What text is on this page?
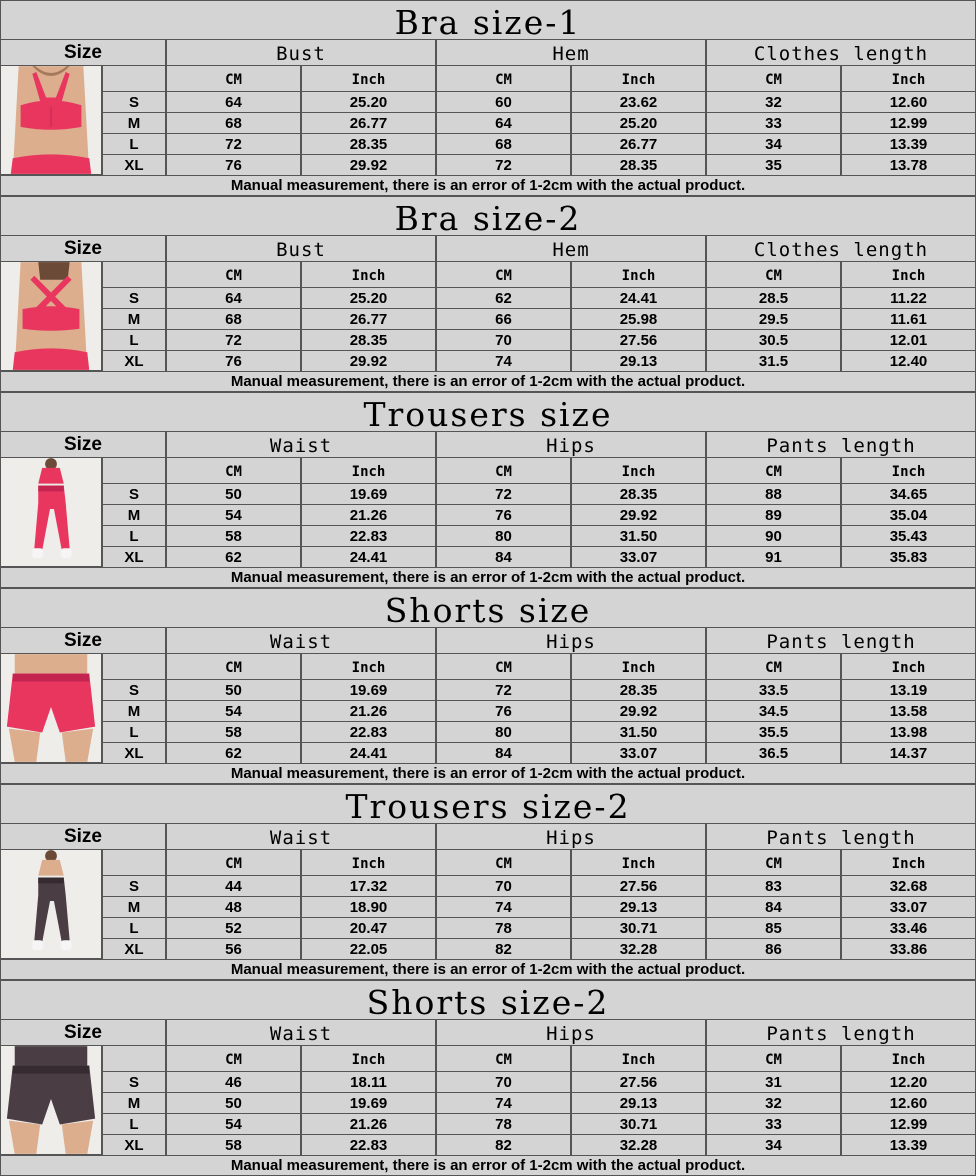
Bra size-1
Size	Bust	Hem	Clothes length
CM	Inch	CM	Inch	CM	Inch
S	64	25.20	60	23.62	32	12.60
M	68	26.77	64	25.20	33	12.99
L	72	28.35	68	26.77	34	13.39
XL	76	29.92	72	28.35	35	13.78
Manual measurement, there is an error of 1-2cm with the actual product.
Bra size-2
Size	Bust	Hem	Clothes length
CM	Inch	CM	Inch	CM	Inch
S	64	25.20	62	24.41	28.5	11.22
M	68	26.77	66	25.98	29.5	11.61
L	72	28.35	70	27.56	30.5	12.01
XL	76	29.92	74	29.13	31.5	12.40
Manual measurement, there is an error of 1-2cm with the actual product.
Trousers size
Size	Waist	Hips	Pants length
CM	Inch	CM	Inch	CM	Inch
S	50	19.69	72	28.35	88	34.65
M	54	21.26	76	29.92	89	35.04
L	58	22.83	80	31.50	90	35.43
XL	62	24.41	84	33.07	91	35.83
Manual measurement, there is an error of 1-2cm with the actual product.
Shorts size
Size	Waist	Hips	Pants length
CM	Inch	CM	Inch	CM	Inch
S	50	19.69	72	28.35	33.5	13.19
M	54	21.26	76	29.92	34.5	13.58
L	58	22.83	80	31.50	35.5	13.98
XL	62	24.41	84	33.07	36.5	14.37
Manual measurement, there is an error of 1-2cm with the actual product.
Trousers size-2
Size	Waist	Hips	Pants length
CM	Inch	CM	Inch	CM	Inch
S	44	17.32	70	27.56	83	32.68
M	48	18.90	74	29.13	84	33.07
L	52	20.47	78	30.71	85	33.46
XL	56	22.05	82	32.28	86	33.86
Manual measurement, there is an error of 1-2cm with the actual product.
Shorts size-2
Size	Waist	Hips	Pants length
CM	Inch	CM	Inch	CM	Inch
S	46	18.11	70	27.56	31	12.20
M	50	19.69	74	29.13	32	12.60
L	54	21.26	78	30.71	33	12.99
XL	58	22.83	82	32.28	34	13.39
Manual measurement, there is an error of 1-2cm with the actual product.
